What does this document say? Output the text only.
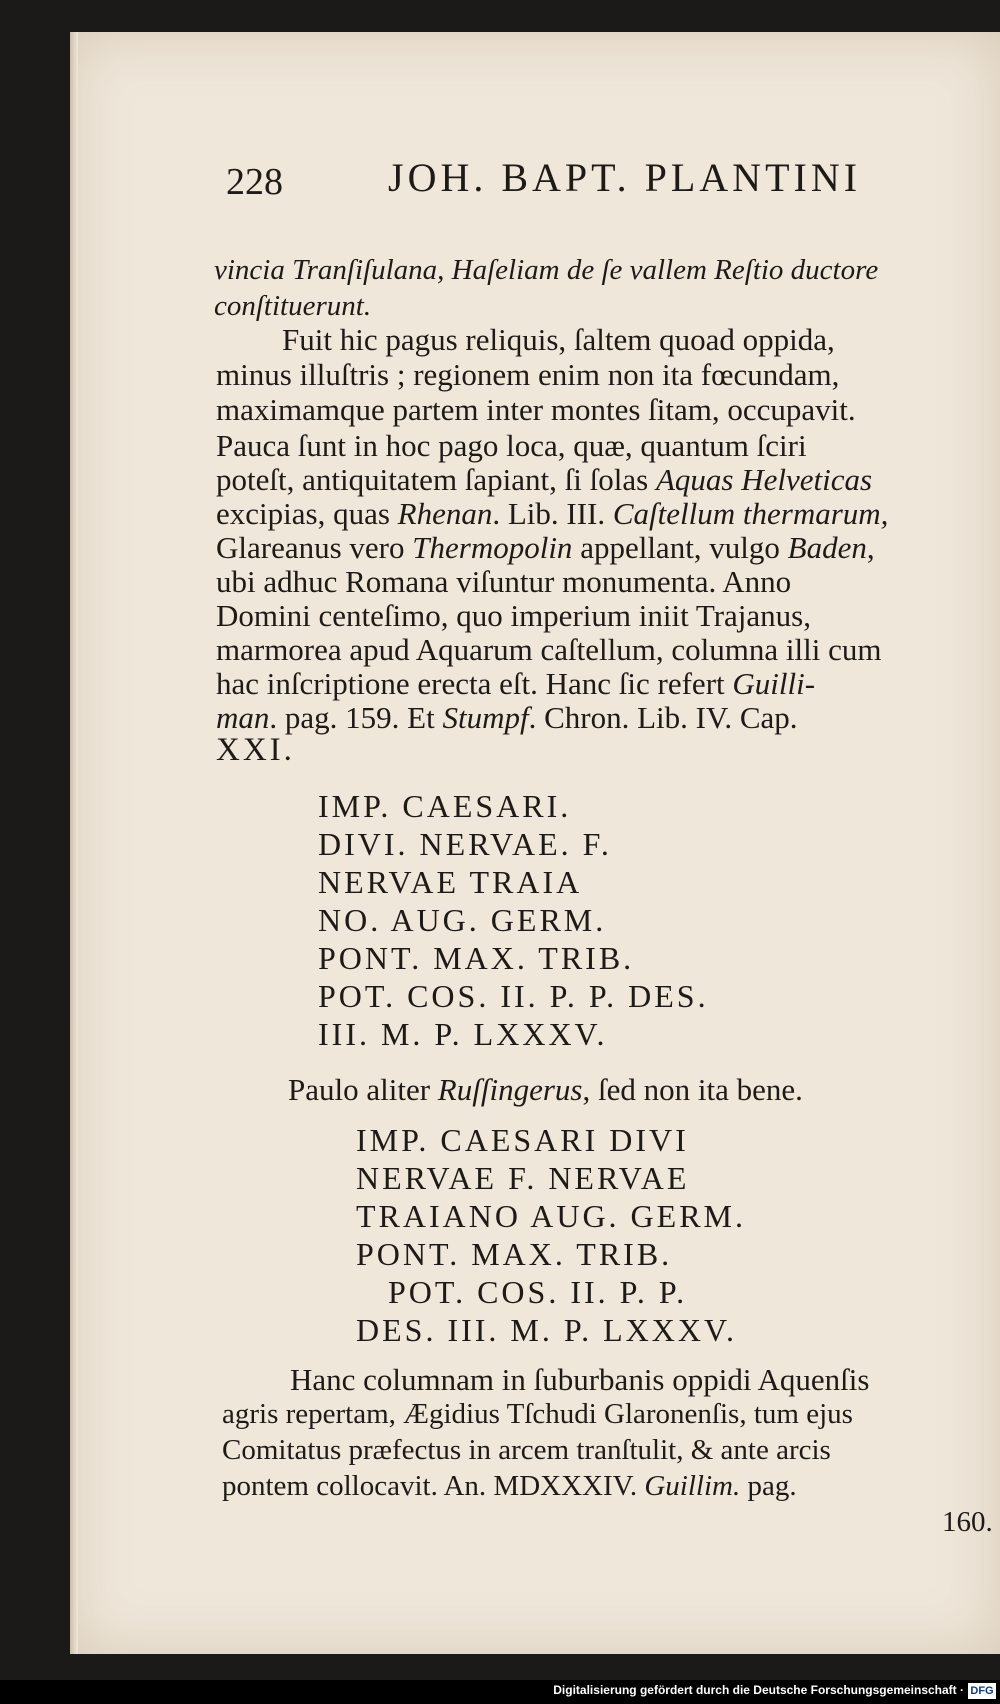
228	JOH. BAPT. PLANTINI
vincia Tranſiſulana, Haſeliam de ſe vallem Reſtio ductore
conſtituerunt.
Fuit hic pagus reliquis, ſaltem quoad oppida,
minus illuſtris ; regionem enim non ita fœcundam,
maximamque partem inter montes ſitam, occupavit.
Pauca ſunt in hoc pago loca, quæ, quantum ſciri
poteſt, antiquitatem ſapiant, ſi ſolas Aquas Helveticas
excipias, quas Rhenan. Lib. III. Caſtellum thermarum,
Glareanus vero Thermopolin appellant, vulgo Baden,
ubi adhuc Romana viſuntur monumenta. Anno
Domini centeſimo, quo imperium iniit Trajanus,
marmorea apud Aquarum caſtellum, columna illi cum
hac inſcriptione erecta eſt. Hanc ſic refert Guilli-
man. pag. 159. Et Stumpf. Chron. Lib. IV. Cap.
XXI.
IMP. CAESARI.
DIVI. NERVAE. F.
NERVAE TRAIA
NO. AUG. GERM.
PONT. MAX. TRIB.
POT. COS. II. P. P. DES.
III. M. P. LXXXV.
Paulo aliter Ruſſingerus, ſed non ita bene.
IMP. CAESARI DIVI
NERVAE F. NERVAE
TRAIANO AUG. GERM.
PONT. MAX. TRIB.
POT. COS. II. P. P.
DES. III. M. P. LXXXV.
Hanc columnam in ſuburbanis oppidi Aquenſis
agris repertam, Ægidius Tſchudi Glaronenſis, tum ejus
Comitatus præfectus in arcem tranſtulit, & ante arcis
pontem collocavit. An. MDXXXIV. Guillim. pag.
160.
Digitalisierung gefördert durch die Deutsche Forschungsgemeinschaft · DFG
